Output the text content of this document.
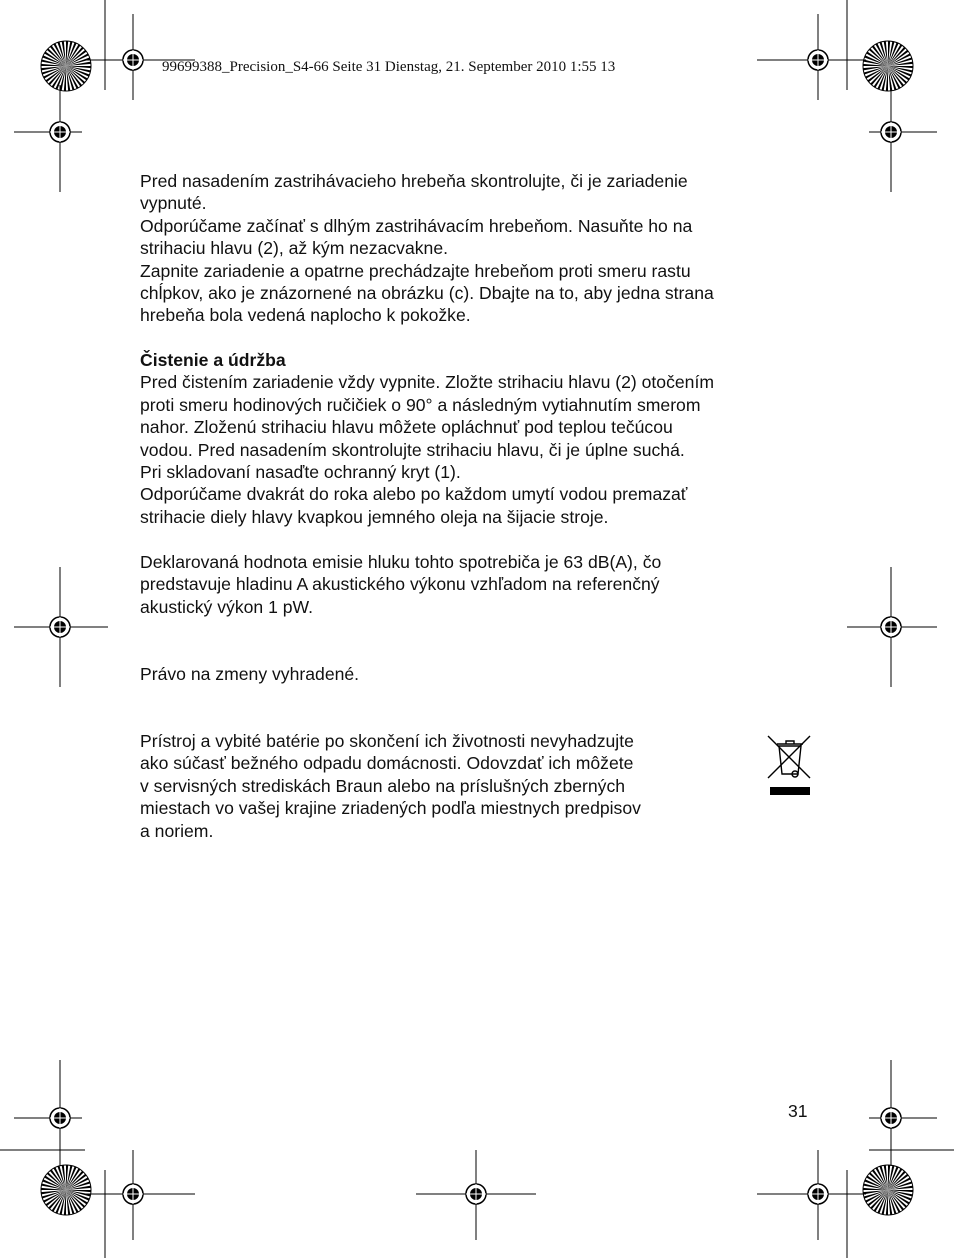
99699388_Precision_S4-66 Seite 31 Dienstag, 21. September 2010 1:55 13
Pred nasadením zastrihávacieho hrebeňa skontrolujte, či je zariadenie
vypnuté.
Odporúčame začínať s dlhým zastrihávacím hrebeňom. Nasuňte ho na
strihaciu hlavu (2), až kým nezacvakne.
Zapnite zariadenie a opatrne prechádzajte hrebeňom proti smeru rastu
chĺpkov, ako je znázornené na obrázku (c). Dbajte na to, aby jedna strana
hrebeňa bola vedená naplocho k pokožke.
Čistenie a údržba
Pred čistením zariadenie vždy vypnite. Zložte strihaciu hlavu (2) otočením
proti smeru hodinových ručičiek o 90° a následným vytiahnutím smerom
nahor. Zloženú strihaciu hlavu môžete opláchnuť pod teplou tečúcou
vodou. Pred nasadením skontrolujte strihaciu hlavu, či je úplne suchá.
Pri skladovaní nasaďte ochranný kryt (1).
Odporúčame dvakrát do roka alebo po každom umytí vodou premazať
strihacie diely hlavy kvapkou jemného oleja na šijacie stroje.
Deklarovaná hodnota emisie hluku tohto spotrebiča je 63 dB(A), čo
predstavuje hladinu A akustického výkonu vzhľadom na referenčný
akustický výkon 1 pW.
Právo na zmeny vyhradené.
Prístroj a vybité batérie po skončení ich životnosti nevyhadzujte
ako súčasť bežného odpadu domácnosti. Odovzdať ich môžete
v servisných strediskách Braun alebo na príslušných zberných
miestach vo vašej krajine zriadených podľa miestnych predpisov
a noriem.
31
